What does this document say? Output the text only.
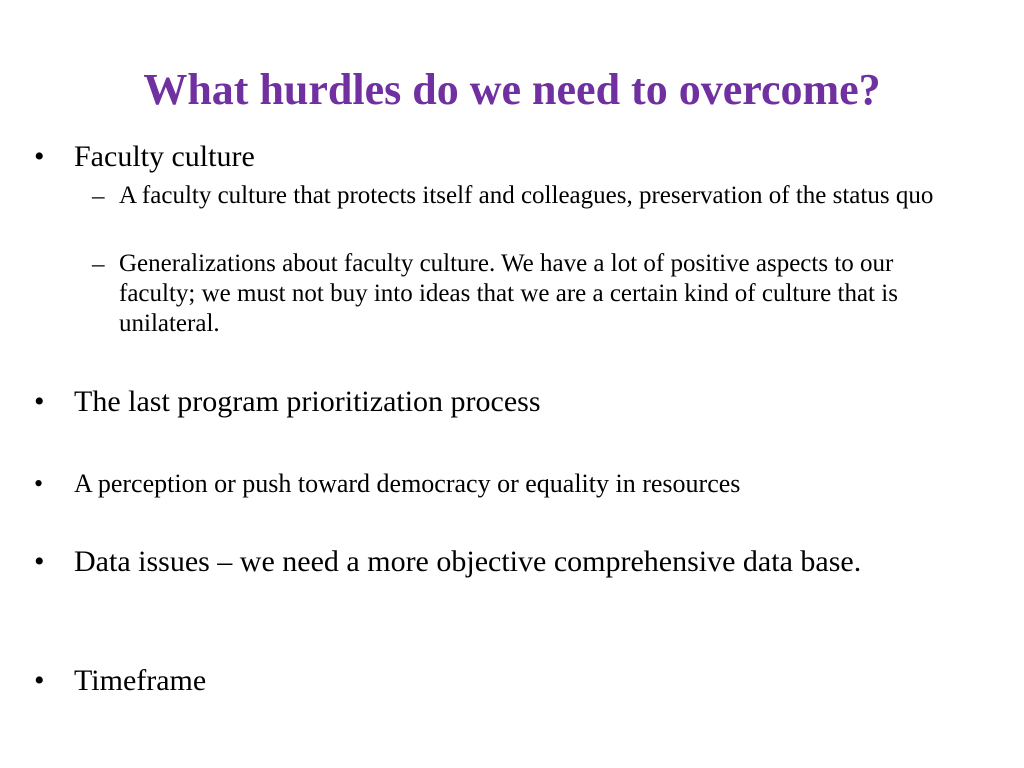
What hurdles do we need to overcome?
• Faculty culture
– A faculty culture that protects itself and colleagues, preservation of the status quo
– Generalizations about faculty culture. We have a lot of positive aspects to our faculty; we must not buy into ideas that we are a certain kind of culture that is unilateral.
• The last program prioritization process
• A perception or push toward democracy or equality in resources
• Data issues – we need a more objective comprehensive data base.
• Timeframe
